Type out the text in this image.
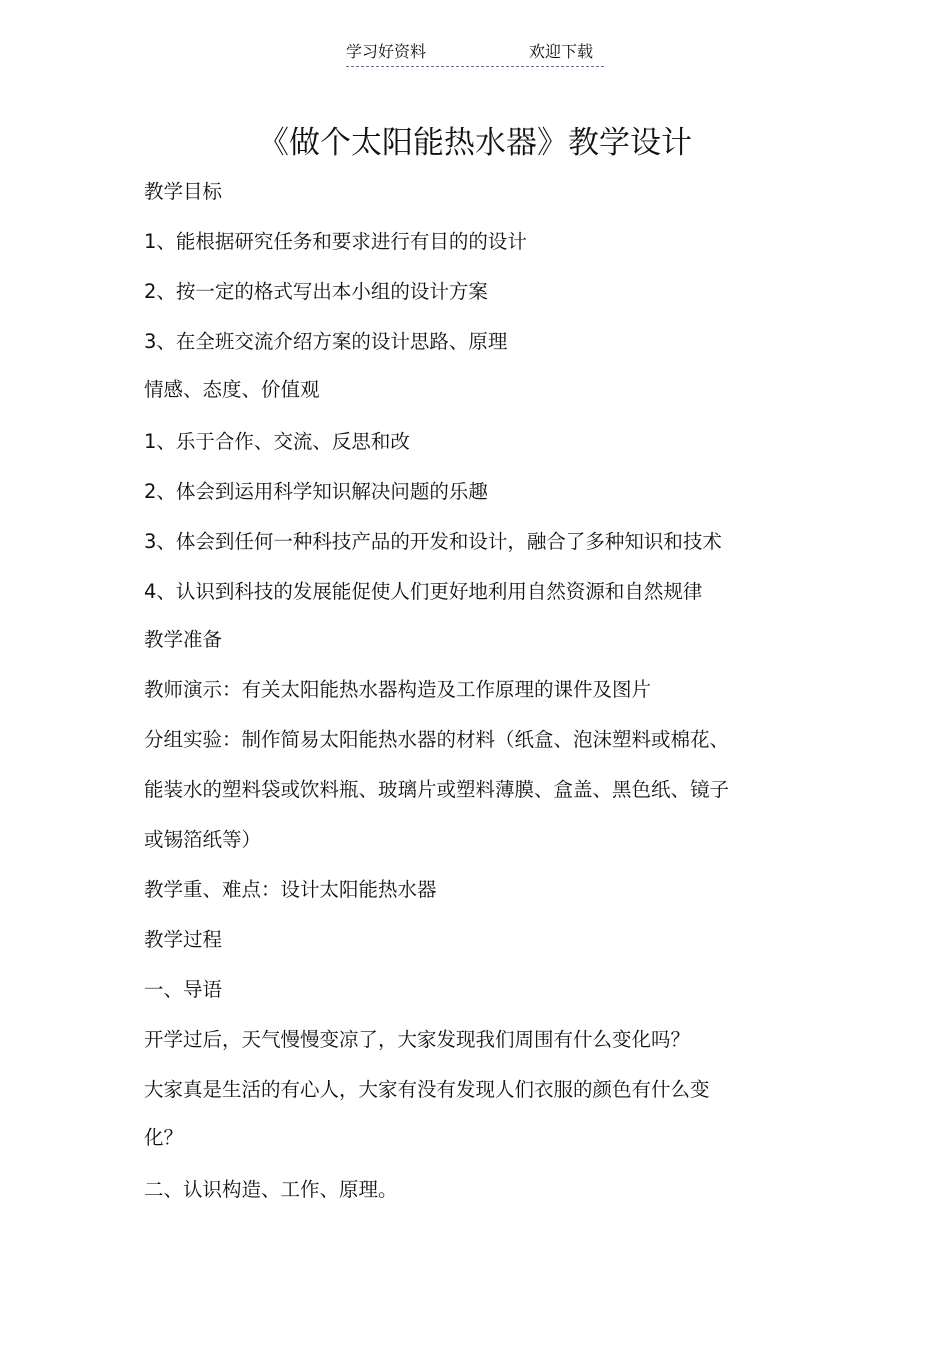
学习好资料	欢迎下载
《做个太阳能热水器》教学设计
教学目标
1、能根据研究任务和要求进行有目的的设计
2、按一定的格式写出本小组的设计方案
3、在全班交流介绍方案的设计思路、原理
情感、态度、价值观
1、乐于合作、交流、反思和改
2、体会到运用科学知识解决问题的乐趣
3、体会到任何一种科技产品的开发和设计，融合了多种知识和技术
4、认识到科技的发展能促使人们更好地利用自然资源和自然规律
教学准备
教师演示：有关太阳能热水器构造及工作原理的课件及图片
分组实验：制作简易太阳能热水器的材料（纸盒、泡沫塑料或棉花、
能装水的塑料袋或饮料瓶、玻璃片或塑料薄膜、盒盖、黑色纸、镜子
或锡箔纸等）
教学重、难点：设计太阳能热水器
教学过程
一、导语
开学过后，天气慢慢变凉了，大家发现我们周围有什么变化吗？
大家真是生活的有心人，大家有没有发现人们衣服的颜色有什么变
化？
二、认识构造、工作、原理。
